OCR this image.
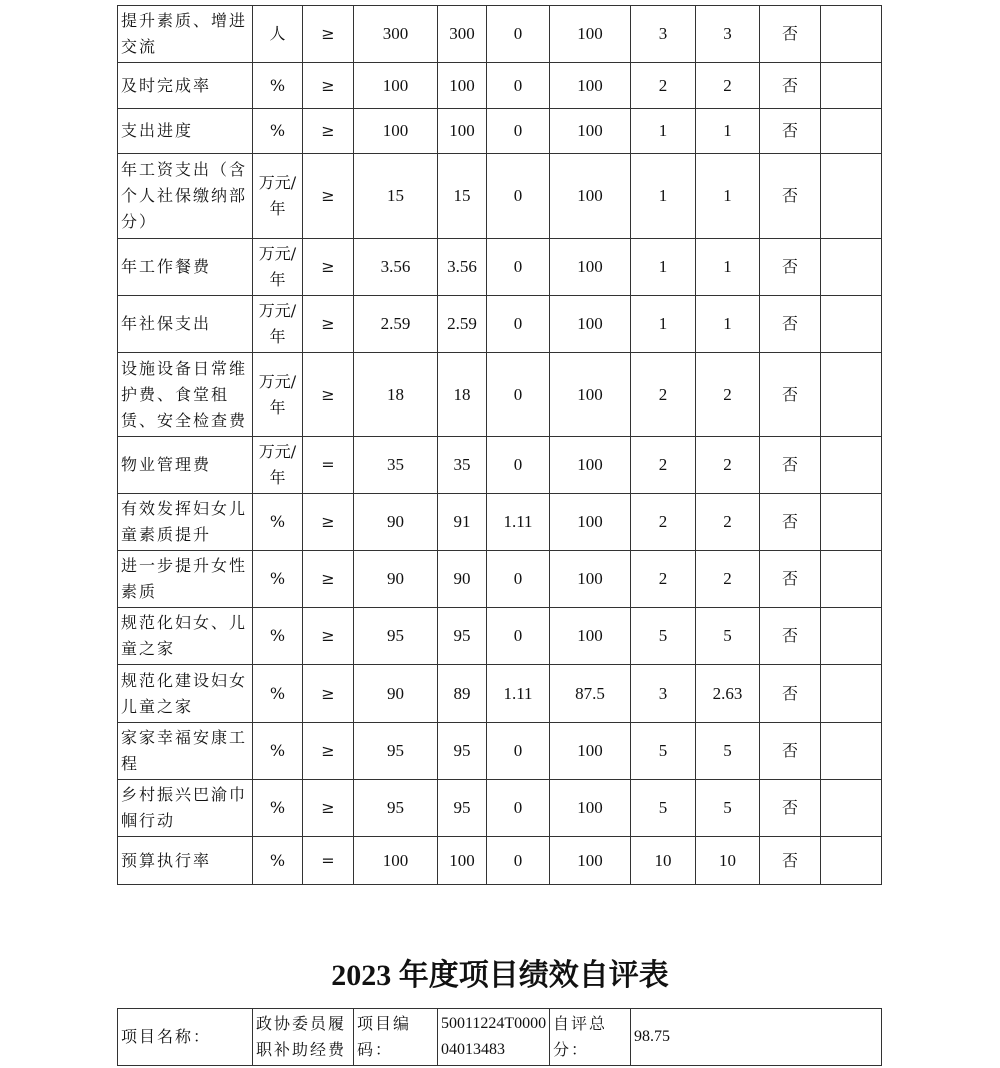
提升素质、增进交流	人	≥	300	300	0	100	3	3	否	
及时完成率	%	≥	100	100	0	100	2	2	否	
支出进度	%	≥	100	100	0	100	1	1	否	
年工资支出（含个人社保缴纳部分）	万元/年	≥	15	15	0	100	1	1	否	
年工作餐费	万元/年	≥	3.56	3.56	0	100	1	1	否	
年社保支出	万元/年	≥	2.59	2.59	0	100	1	1	否	
设施设备日常维护费、食堂租赁、安全检查费	万元/年	≥	18	18	0	100	2	2	否	
物业管理费	万元/年	=	35	35	0	100	2	2	否	
有效发挥妇女儿童素质提升	%	≥	90	91	1.11	100	2	2	否	
进一步提升女性素质	%	≥	90	90	0	100	2	2	否	
规范化妇女、儿童之家	%	≥	95	95	0	100	5	5	否	
规范化建设妇女儿童之家	%	≥	90	89	1.11	87.5	3	2.63	否	
家家幸福安康工程	%	≥	95	95	0	100	5	5	否	
乡村振兴巴渝巾帼行动	%	≥	95	95	0	100	5	5	否	
预算执行率	%	=	100	100	0	100	10	10	否	
2023 年度项目绩效自评表
项目名称：	政协委员履职补助经费	项目编码：	50011224T000004013483	自评总分：	98.75
